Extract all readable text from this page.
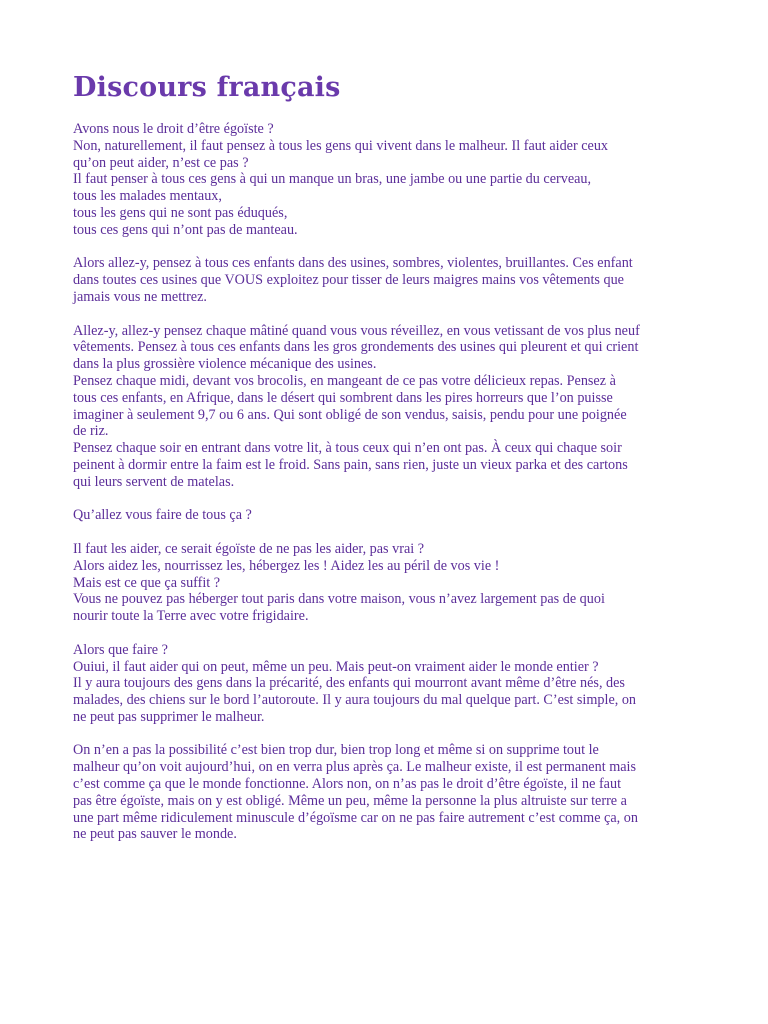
Discours français
Avons nous le droit d’être égoïste ?
Non, naturellement, il faut pensez à tous les gens qui vivent dans le malheur. Il faut aider ceux
qu’on peut aider, n’est ce pas ?
Il faut penser à tous ces gens à qui un manque un bras, une jambe ou une partie du cerveau,
tous les malades mentaux,
tous les gens qui ne sont pas éduqués,
tous ces gens qui n’ont pas de manteau.
Alors allez-y, pensez à tous ces enfants dans des usines, sombres, violentes, bruillantes. Ces enfant
dans toutes ces usines que VOUS exploitez pour tisser de leurs maigres mains vos vêtements que
jamais vous ne mettrez.
Allez-y, allez-y pensez chaque mâtiné quand vous vous réveillez, en vous vetissant de vos plus neuf
vêtements. Pensez à tous ces enfants dans les gros grondements des usines qui pleurent et qui crient
dans la plus grossière violence mécanique des usines.
Pensez chaque midi, devant vos brocolis, en mangeant de ce pas votre délicieux repas. Pensez à
tous ces enfants, en Afrique, dans le désert qui sombrent dans les pires horreurs que l’on puisse
imaginer à seulement 9,7 ou 6 ans. Qui sont obligé de son vendus, saisis, pendu pour une poignée
de riz.
Pensez chaque soir en entrant dans votre lit, à tous ceux qui n’en ont pas. À ceux qui chaque soir
peinent à dormir entre la faim est le froid. Sans pain, sans rien, juste un vieux parka et des cartons
qui leurs servent de matelas.
Qu’allez vous faire de tous ça ?
Il faut les aider, ce serait égoïste de ne pas les aider, pas vrai ?
Alors aidez les, nourrissez les, hébergez les ! Aidez les au péril de vos vie !
Mais est ce que ça suffit ?
Vous ne pouvez pas héberger tout paris dans votre maison, vous n’avez largement pas de quoi
nourir toute la Terre avec votre frigidaire.
Alors que faire ?
Ouiui, il faut aider qui on peut, même un peu. Mais peut-on vraiment aider le monde entier ?
Il y aura toujours des gens dans la précarité, des enfants qui mourront avant même d’être nés, des
malades, des chiens sur le bord l’autoroute. Il y aura toujours du mal quelque part. C’est simple, on
ne peut pas supprimer le malheur.
On n’en a pas la possibilité c’est bien trop dur, bien trop long et même si on supprime tout le
malheur qu’on voit aujourd’hui, on en verra plus après ça. Le malheur existe, il est permanent mais
c’est comme ça que le monde fonctionne. Alors non, on n’as pas le droit d’être égoïste, il ne faut
pas être égoïste, mais on y est obligé. Même un peu, même la personne la plus altruiste sur terre a
une part même ridiculement minuscule d’égoïsme car on ne pas faire autrement c’est comme ça, on
ne peut pas sauver le monde.
